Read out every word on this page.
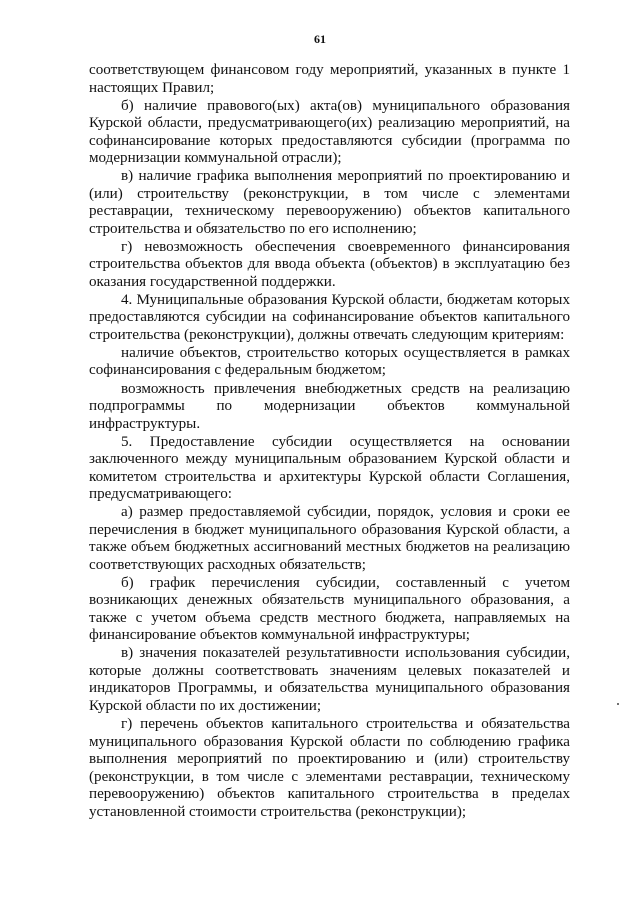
61

соответствующем финансовом году мероприятий, указанных в пункте 1 настоящих Правил;

б) наличие правового(ых) акта(ов) муниципального образования Курской области, предусматривающего(их) реализацию мероприятий, на софинансирование которых предоставляются субсидии (программа по модернизации коммунальной отрасли);

в) наличие графика выполнения мероприятий по проектированию и (или) строительству (реконструкции, в том числе с элементами реставрации, техническому перевооружению) объектов капитального строительства и обязательство по его исполнению;

г) невозможность обеспечения своевременного финансирования строительства объектов для ввода объекта (объектов) в эксплуатацию без оказания государственной поддержки.

4. Муниципальные образования Курской области, бюджетам которых предоставляются субсидии на софинансирование объектов капитального строительства (реконструкции), должны отвечать следующим критериям:

наличие объектов, строительство которых осуществляется в рамках софинансирования с федеральным бюджетом;

возможность привлечения внебюджетных средств на реализацию подпрограммы по модернизации объектов коммунальной инфраструктуры.

5. Предоставление субсидии осуществляется на основании заключенного между муниципальным образованием Курской области и комитетом строительства и архитектуры Курской области Соглашения, предусматривающего:

а) размер предоставляемой субсидии, порядок, условия и сроки ее перечисления в бюджет муниципального образования Курской области, а также объем бюджетных ассигнований местных бюджетов на реализацию соответствующих расходных обязательств;

б) график перечисления субсидии, составленный с учетом возникающих денежных обязательств муниципального образования, а также с учетом объема средств местного бюджета, направляемых на финансирование объектов коммунальной инфраструктуры;

в) значения показателей результативности использования субсидии, которые должны соответствовать значениям целевых показателей и индикаторов Программы, и обязательства муниципального образования Курской области по их достижении;

г) перечень объектов капитального строительства и обязательства муниципального образования Курской области по соблюдению графика выполнения мероприятий по проектированию и (или) строительству (реконструкции, в том числе с элементами реставрации, техническому перевооружению) объектов капитального строительства в пределах установленной стоимости строительства (реконструкции);
